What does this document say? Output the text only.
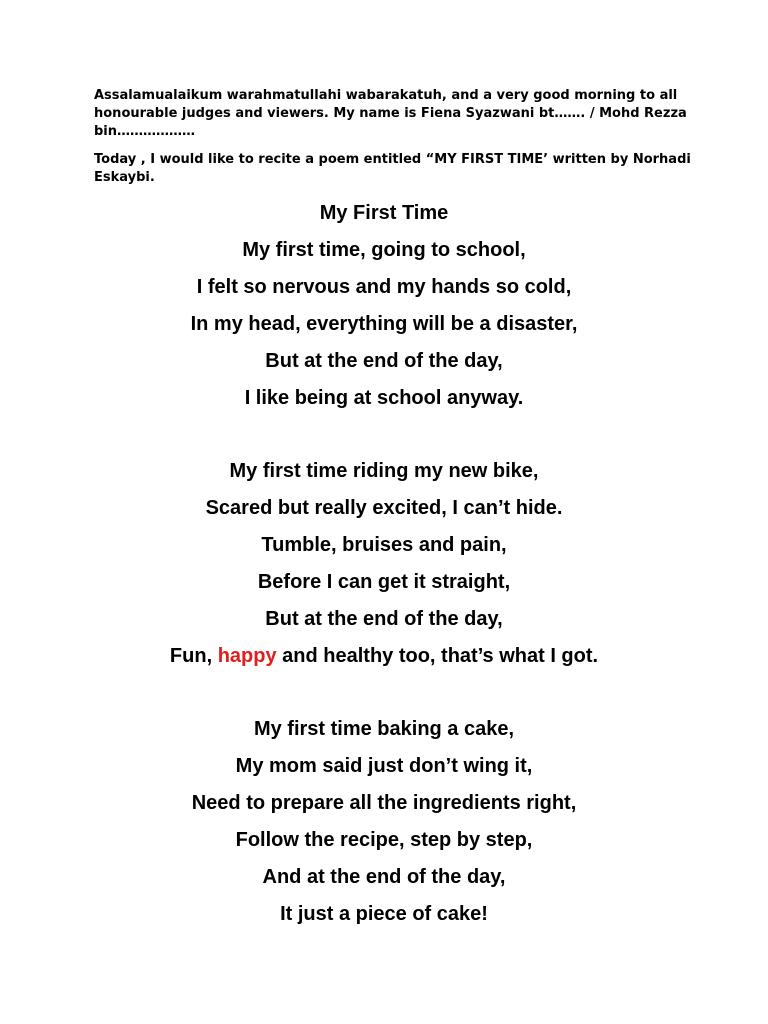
Assalamualaikum warahmatullahi wabarakatuh, and a very good morning to all honourable judges and viewers. My name is Fiena Syazwani bt……. / Mohd Rezza bin………………

Today , I would like to recite a poem entitled “MY FIRST TIME’ written by Norhadi Eskaybi.

My First Time
My first time, going to school,
I felt so nervous and my hands so cold,
In my head, everything will be a disaster,
But at the end of the day,
I like being at school anyway.
My first time riding my new bike,
Scared but really excited, I can’t hide.
Tumble, bruises and pain,
Before I can get it straight,
But at the end of the day,
Fun, happy and healthy too, that’s what I got.
My first time baking a cake,
My mom said just don’t wing it,
Need to prepare all the ingredients right,
Follow the recipe, step by step,
And at the end of the day,
It just a piece of cake!
